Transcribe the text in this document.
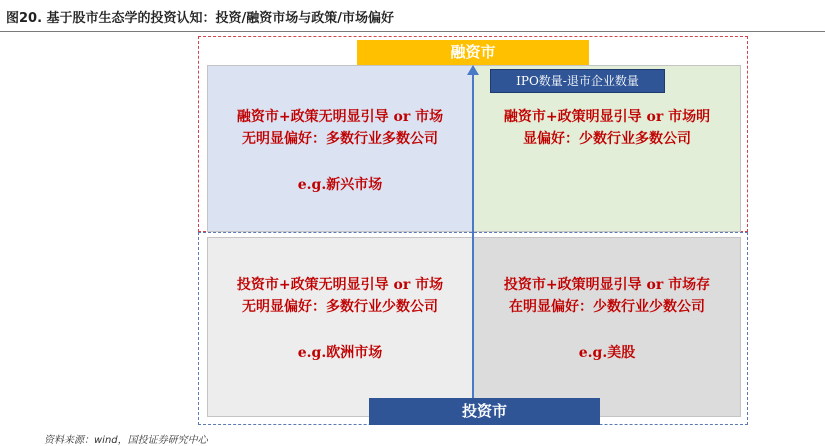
图20. 基于股市生态学的投资认知：投资/融资市场与政策/市场偏好
融资市+政策无明显引导 or 市场
无明显偏好：多数行业多数公司
e.g.新兴市场
融资市+政策明显引导 or 市场明
显偏好：少数行业多数公司
投资市+政策无明显引导 or 市场
无明显偏好：多数行业少数公司
e.g.欧洲市场
投资市+政策明显引导 or 市场存
在明显偏好：少数行业少数公司
e.g.美股
融资市
IPO数量-退市企业数量
投资市
资料来源：wind，国投证券研究中心
